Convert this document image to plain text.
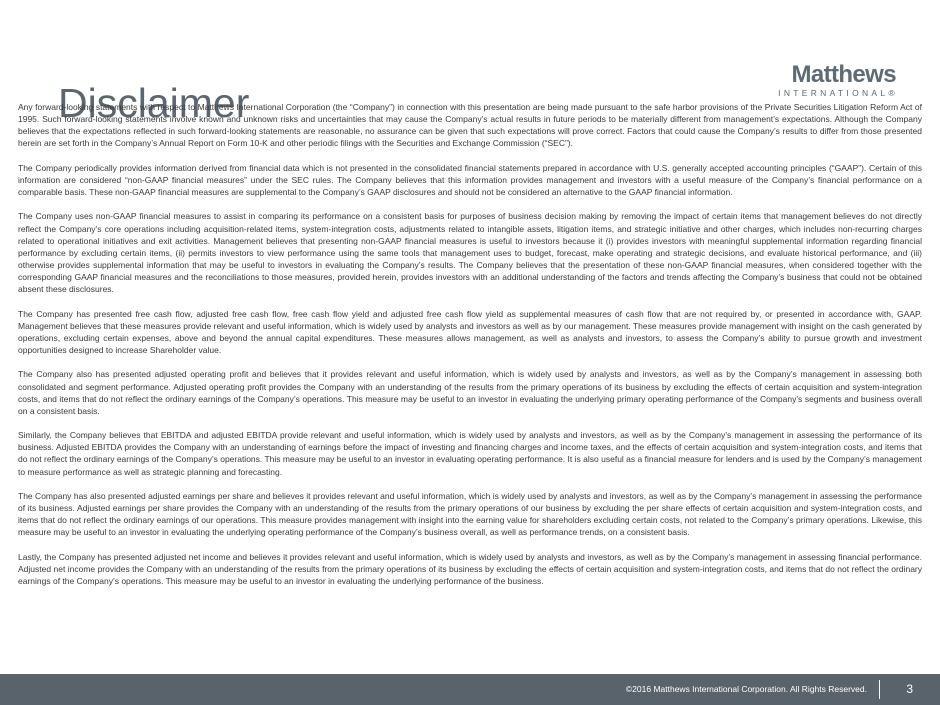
Disclaimer
Matthews
INTERNATIONAL®

Any forward-looking statements with respect to Matthews International Corporation (the “Company”) in connection with this presentation are being made pursuant to the safe harbor provisions of the Private Securities Litigation Reform Act of 1995. Such forward-looking statements involve known and unknown risks and uncertainties that may cause the Company’s actual results in future periods to be materially different from management’s expectations. Although the Company believes that the expectations reflected in such forward-looking statements are reasonable, no assurance can be given that such expectations will prove correct. Factors that could cause the Company’s results to differ from those presented herein are set forth in the Company’s Annual Report on Form 10-K and other periodic filings with the Securities and Exchange Commission (“SEC”).

The Company periodically provides information derived from financial data which is not presented in the consolidated financial statements prepared in accordance with U.S. generally accepted accounting principles (“GAAP”). Certain of this information are considered “non-GAAP financial measures” under the SEC rules. The Company believes that this information provides management and investors with a useful measure of the Company’s financial performance on a comparable basis. These non-GAAP financial measures are supplemental to the Company’s GAAP disclosures and should not be considered an alternative to the GAAP financial information.

The Company uses non-GAAP financial measures to assist in comparing its performance on a consistent basis for purposes of business decision making by removing the impact of certain items that management believes do not directly reflect the Company’s core operations including acquisition-related items, system-integration costs, adjustments related to intangible assets, litigation items, and strategic initiative and other charges, which includes non-recurring charges related to operational initiatives and exit activities. Management believes that presenting non-GAAP financial measures is useful to investors because it (i) provides investors with meaningful supplemental information regarding financial performance by excluding certain items, (ii) permits investors to view performance using the same tools that management uses to budget, forecast, make operating and strategic decisions, and evaluate historical performance, and (iii) otherwise provides supplemental information that may be useful to investors in evaluating the Company’s results. The Company believes that the presentation of these non-GAAP financial measures, when considered together with the corresponding GAAP financial measures and the reconciliations to those measures, provided herein, provides investors with an additional understanding of the factors and trends affecting the Company’s business that could not be obtained absent these disclosures.

The Company has presented free cash flow, adjusted free cash flow, free cash flow yield and adjusted free cash flow yield as supplemental measures of cash flow that are not required by, or presented in accordance with, GAAP. Management believes that these measures provide relevant and useful information, which is widely used by analysts and investors as well as by our management. These measures provide management with insight on the cash generated by operations, excluding certain expenses, above and beyond the annual capital expenditures. These measures allows management, as well as analysts and investors, to assess the Company’s ability to pursue growth and investment opportunities designed to increase Shareholder value.

The Company also has presented adjusted operating profit and believes that it provides relevant and useful information, which is widely used by analysts and investors, as well as by the Company’s management in assessing both consolidated and segment performance. Adjusted operating profit provides the Company with an understanding of the results from the primary operations of its business by excluding the effects of certain acquisition and system-integration costs, and items that do not reflect the ordinary earnings of the Company’s operations. This measure may be useful to an investor in evaluating the underlying primary operating performance of the Company’s segments and business overall on a consistent basis.

Similarly, the Company believes that EBITDA and adjusted EBITDA provide relevant and useful information, which is widely used by analysts and investors, as well as by the Company’s management in assessing the performance of its business. Adjusted EBITDA provides the Company with an understanding of earnings before the impact of investing and financing charges and income taxes, and the effects of certain acquisition and system-integration costs, and items that do not reflect the ordinary earnings of the Company’s operations. This measure may be useful to an investor in evaluating operating performance. It is also useful as a financial measure for lenders and is used by the Company’s management to measure performance as well as strategic planning and forecasting.

The Company has also presented adjusted earnings per share and believes it provides relevant and useful information, which is widely used by analysts and investors, as well as by the Company’s management in assessing the performance of its business. Adjusted earnings per share provides the Company with an understanding of the results from the primary operations of our business by excluding the per share effects of certain acquisition and system-integration costs, and items that do not reflect the ordinary earnings of our operations. This measure provides management with insight into the earning value for shareholders excluding certain costs, not related to the Company’s primary operations. Likewise, this measure may be useful to an investor in evaluating the underlying operating performance of the Company’s business overall, as well as performance trends, on a consistent basis.

Lastly, the Company has presented adjusted net income and believes it provides relevant and useful information, which is widely used by analysts and investors, as well as by the Company’s management in assessing financial performance. Adjusted net income provides the Company with an understanding of the results from the primary operations of its business by excluding the effects of certain acquisition and system-integration costs, and items that do not reflect the ordinary earnings of the Company’s operations. This measure may be useful to an investor in evaluating the underlying performance of the business.

©2016 Matthews International Corporation. All Rights Reserved.	3
